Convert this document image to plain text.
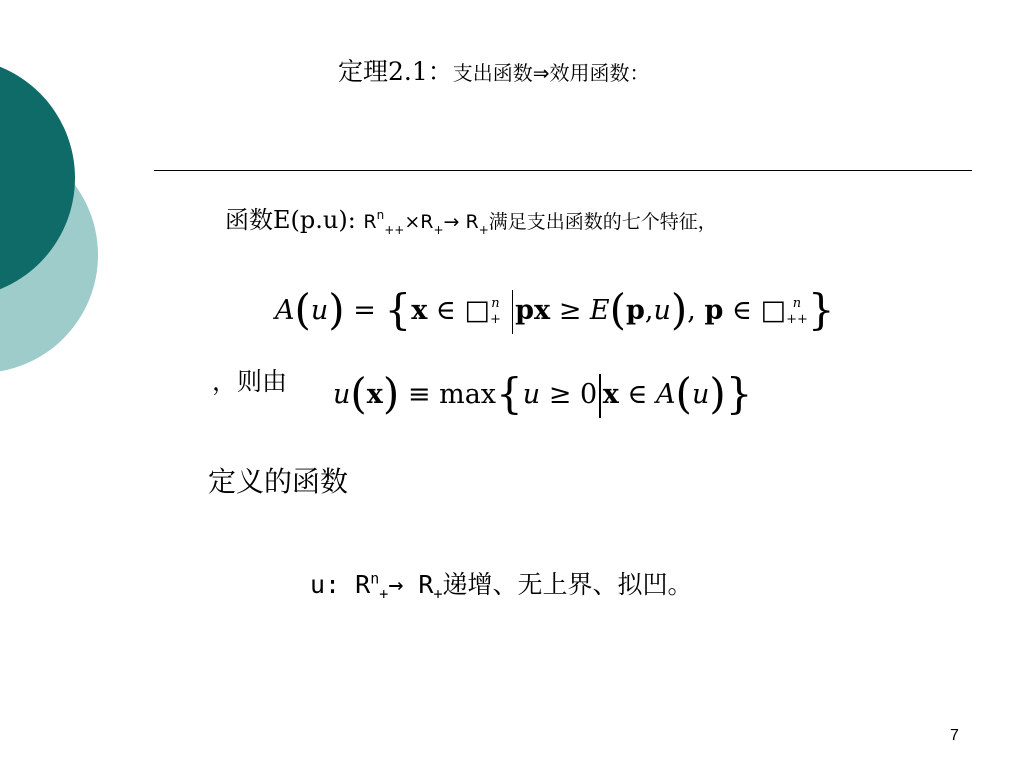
定理2.1：支出函数⇒效用函数：
函数E(p.u): $R^n_{++}\times R_+\to R_+$满足支出函数的七个特征，
A(u) = {x ∈ □ n
+ px ≥ E(p,u), p ∈ □ n
++ }
，则由 u(x) ≡ max{u ≥ 0 x ∈ A(u)}
定义的函数
u: $R^n_+\to R_+$递增、无上界、拟凹。
7
